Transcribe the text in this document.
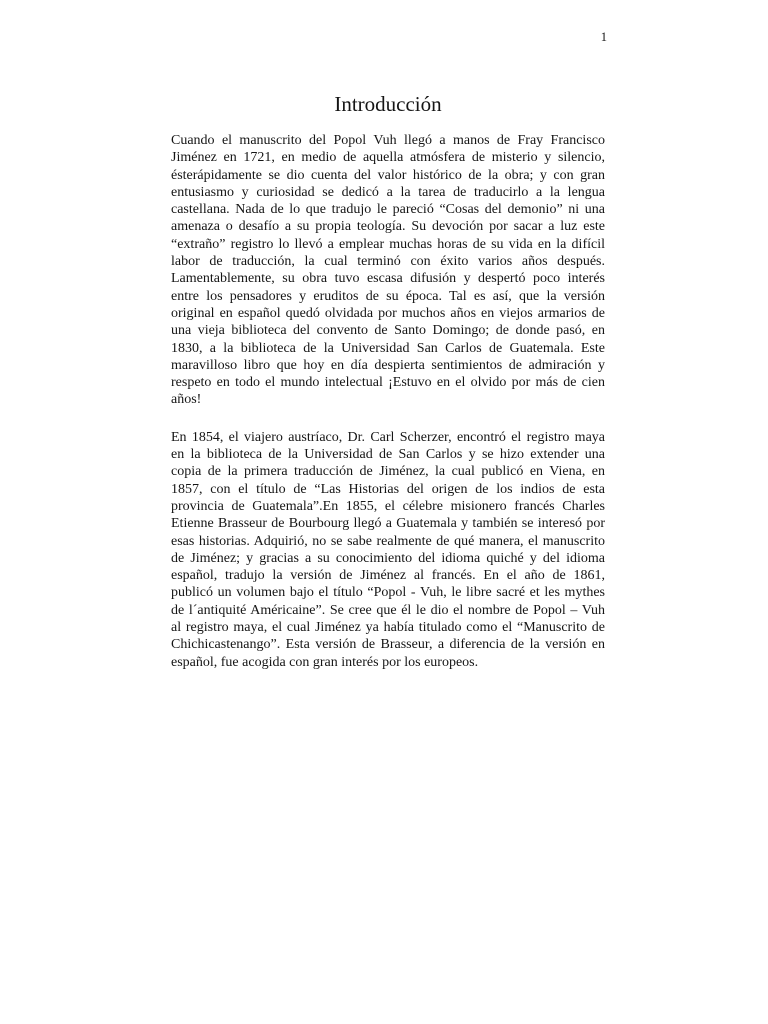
1
Introducción
Cuando el manuscrito del Popol Vuh llegó a manos de Fray Francisco
Jiménez en 1721, en medio de aquella atmósfera de misterio y silencio,
ésterápidamente se dio cuenta del valor histórico de la obra; y con gran
entusiasmo y curiosidad se dedicó a la tarea de traducirlo a la lengua
castellana. Nada de lo que tradujo le pareció “Cosas del demonio” ni una
amenaza o desafío a su propia teología. Su devoción por sacar a luz este
“extraño” registro lo llevó a emplear muchas horas de su vida en la difícil
labor de traducción, la cual terminó con éxito varios años después.
Lamentablemente, su obra tuvo escasa difusión y despertó poco interés
entre los pensadores y eruditos de su época. Tal es así, que la versión
original en español quedó olvidada por muchos años en viejos armarios de
una vieja biblioteca del convento de Santo Domingo; de donde pasó, en
1830, a la biblioteca de la Universidad San Carlos de Guatemala. Este
maravilloso libro que hoy en día despierta sentimientos de admiración y
respeto en todo el mundo intelectual ¡Estuvo en el olvido por más de cien
años!
En 1854, el viajero austríaco, Dr. Carl Scherzer, encontró el registro maya
en la biblioteca de la Universidad de San Carlos y se hizo extender una
copia de la primera traducción de Jiménez, la cual publicó en Viena, en
1857, con el título de “Las Historias del origen de los indios de esta
provincia de Guatemala”.En 1855, el célebre misionero francés Charles
Etienne Brasseur de Bourbourg llegó a Guatemala y también se interesó por
esas historias. Adquirió, no se sabe realmente de qué manera, el manuscrito
de Jiménez; y gracias a su conocimiento del idioma quiché y del idioma
español, tradujo la versión de Jiménez al francés. En el año de 1861,
publicó un volumen bajo el título “Popol - Vuh, le libre sacré et les mythes
de l´antiquité Américaine”. Se cree que él le dio el nombre de Popol – Vuh
al registro maya, el cual Jiménez ya había titulado como el “Manuscrito de
Chichicastenango”. Esta versión de Brasseur, a diferencia de la versión en
español, fue acogida con gran interés por los europeos.
